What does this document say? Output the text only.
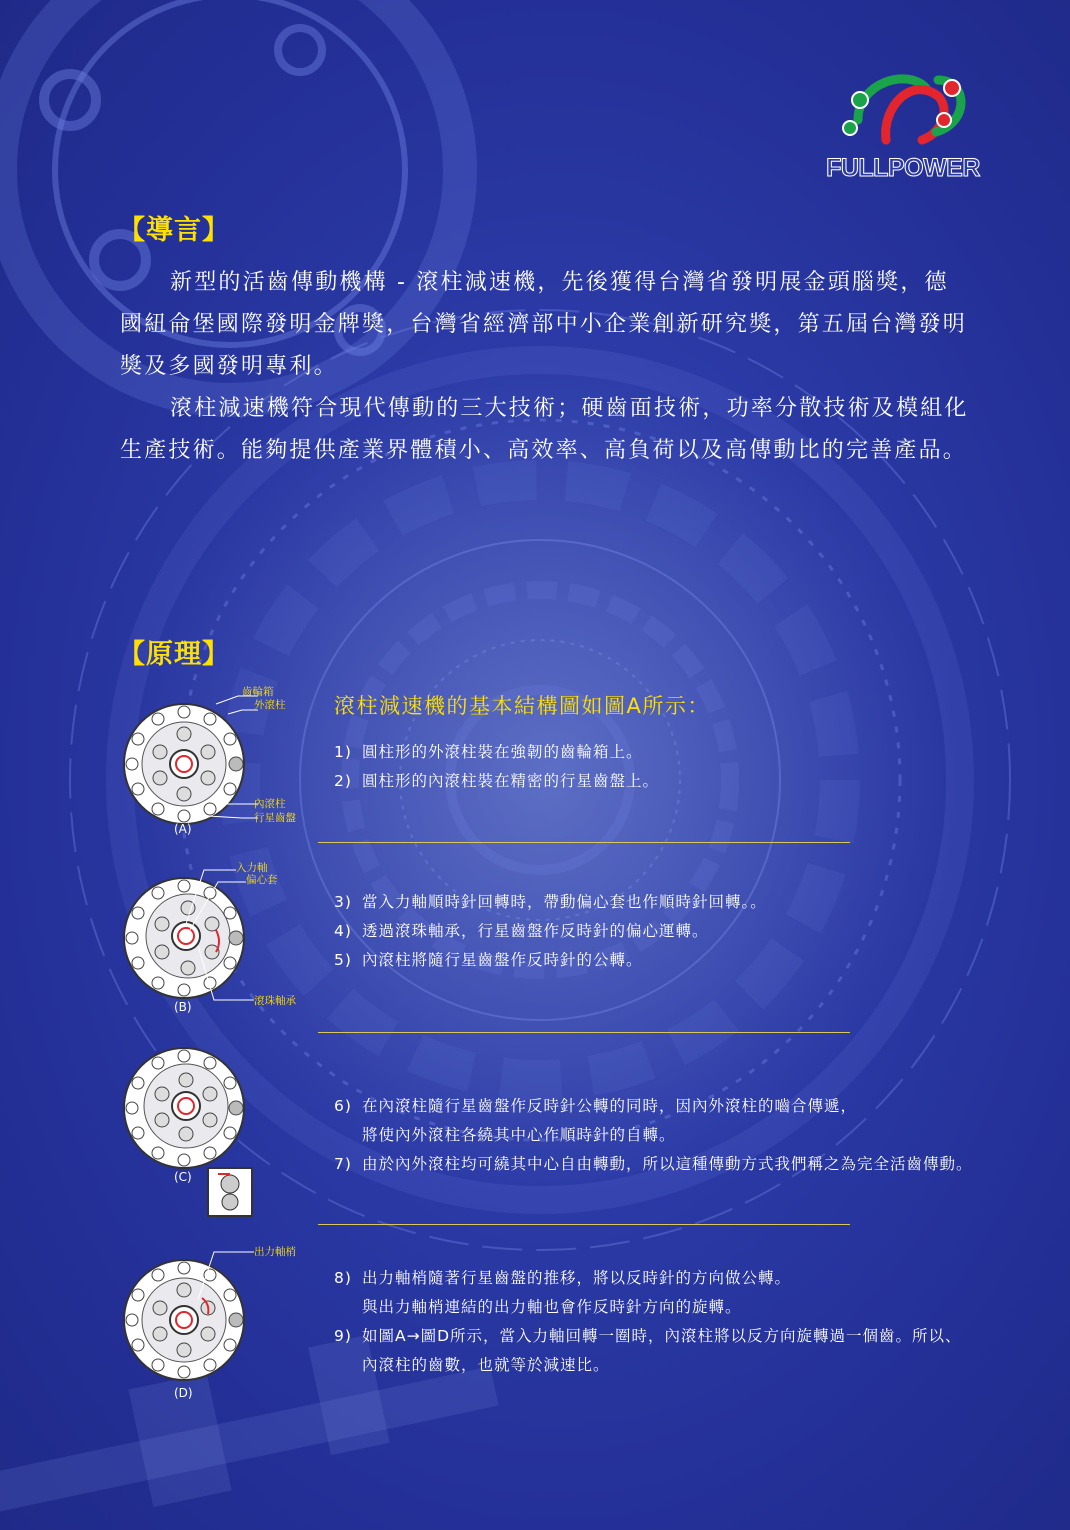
FULLPOWER
【導言】

新型的活齒傳動機構 - 滾柱減速機，先後獲得台灣省發明展金頭腦獎，德國紐侖堡國際發明金牌獎，台灣省經濟部中小企業創新研究獎，第五屆台灣發明獎及多國發明專利。

滾柱減速機符合現代傳動的三大技術；硬齒面技術，功率分散技術及模組化生產技術。能夠提供產業界體積小、高效率、高負荷以及高傳動比的完善產品。

【原理】
滾柱減速機的基本結構圖如圖A所示：
齒輪箱
外滾柱
內滾柱
行星齒盤
(A)
入力軸
偏心套
滾珠軸承
(B)
(C)
出力軸梢
(D)
1) 圓柱形的外滾柱裝在強韌的齒輪箱上。
2) 圓柱形的內滾柱裝在精密的行星齒盤上。
3) 當入力軸順時針回轉時，帶動偏心套也作順時針回轉。。
4) 透過滾珠軸承，行星齒盤作反時針的偏心運轉。
5) 內滾柱將隨行星齒盤作反時針的公轉。
6) 在內滾柱隨行星齒盤作反時針公轉的同時，因內外滾柱的嚙合傳遞，
將使內外滾柱各繞其中心作順時針的自轉。
7) 由於內外滾柱均可繞其中心自由轉動，所以這種傳動方式我們稱之為完全活齒傳動。
8) 出力軸梢隨著行星齒盤的推移，將以反時針的方向做公轉。
與出力軸梢連結的出力軸也會作反時針方向的旋轉。
9) 如圖A→圖D所示，當入力軸回轉一圈時，內滾柱將以反方向旋轉過一個齒。所以、
內滾柱的齒數，也就等於減速比。
